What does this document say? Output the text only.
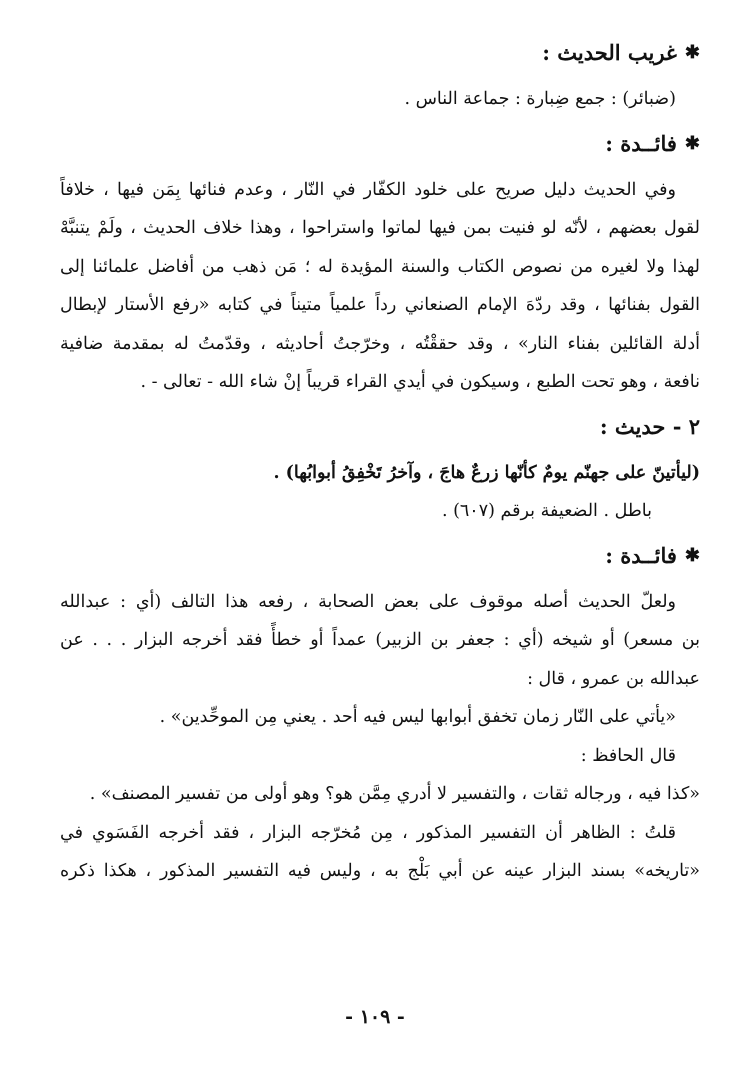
✱
غريب الحديث :
(ضبائر) : جمع ضِبارة : جماعة الناس .
✱
فائــدة :
وفي الحديث دليل صريح على خلود الكفّار في النّار ، وعدم فنائها بِمَن فيها ، خلافاً
لقول بعضهم ، لأنّه لو فنيت بمن فيها لماتوا واستراحوا ، وهذا خلاف الحديث ، ولَمْ يتنبَّهْ
لهذا ولا لغيره من نصوص الكتاب والسنة المؤيدة له ؛ مَن ذهب من أفاضل علمائنا إلى
القول بفنائها ، وقد ردّهَ الإمام الصنعاني رداً علمياً متيناً في كتابه «رفع الأستار لإبطال
أدلة القائلين بفناء النار» ، وقد حققْتُه ، وخرّجتُ أحاديثه ، وقدّمتُ له بمقدمة ضافية
نافعة ، وهو تحت الطبع ، وسيكون في أيدي القراء قريباً إنْ شاء الله - تعالى - .
٢ - حديث :
(ليأتينّ على جهنّم يومٌ كأنّها زرعٌ هاجَ ، وآخرُ تَخْفِقُ أبوابُها) .
باطل . الضعيفة برقم (٦٠٧) .
✱
فائــدة :
ولعلّ الحديث أصله موقوف على بعض الصحابة ، رفعه هذا التالف (أي : عبدالله
بن مسعر) أو شيخه (أي : جعفر بن الزبير) عمداً أو خطأً فقد أخرجه البزار . . . عن
عبدالله بن عمرو ، قال :
«يأتي على النّار زمان تخفق أبوابها ليس فيه أحد . يعني مِن الموحِّدين» .
قال الحافظ :
«كذا فيه ، ورجاله ثقات ، والتفسير لا أدري مِمَّن هو؟ وهو أولى من تفسير المصنف» .
قلتُ : الظاهر أن التفسير المذكور ، مِن مُخرّجه البزار ، فقد أخرجه الفَسَوي في
«تاريخه» بسند البزار عينه عن أبي بَلْج به ، وليس فيه التفسير المذكور ، هكذا ذكره
- ١٠٩ -
